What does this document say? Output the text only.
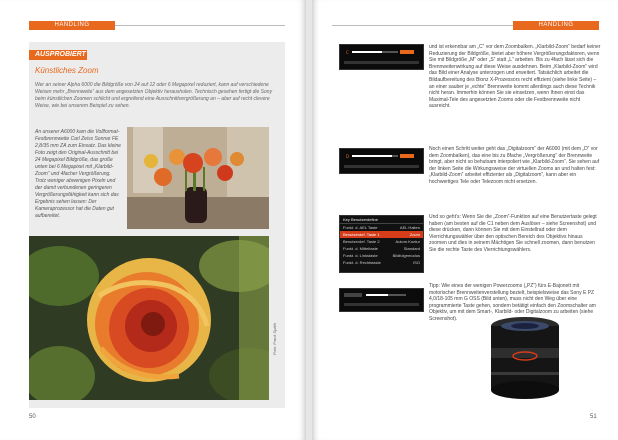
HANDLING
AUSPROBIERT
Künstliches Zoom
Wer an seiner Alpha 6000 die Bildgröße von 24 auf 12 oder 6 Megapixel reduziert, kann auf verschiedene Weisen mehr „Brennweite“ aus dem angesetzten Objektiv herausholen. Technisch gesehen fertigt die Sony beim künstlichen Zoomen schlicht und ergreifend eine Ausschnittvergrößerung an – aber auf recht clevere Weise, wie bei unserem Beispiel zu sehen.
An unserer A6000 kam die Vollformat-Festbrennweite Carl Zeiss Sonnar FE 2,8/35 mm ZA zum Einsatz. Das kleine Foto zeigt den Original-Ausschnitt bei 24 Megapixel Bildgröße, das große unten bei 6 Megapixel mit „Klarbild-Zoom“ und 4facher Vergrößerung. Trotz weniger abwenigen Pixeln und der damit verbundenen geringeren Vergrößerungsfähigkeit kann sich das Ergebnis sehen lassen: Der Kameraprozessor hat die Daten gut aufbereitet.
Foto: Frank Späth
50
HANDLING
C
D
Key Benutzerdefine
Funkt. d. AEL Taste	AEL Halten
Benutzerdef. Taste 1	Zoom
Benutzerdef. Taste 2	Autom.Kontur
Funkt. d. Mitteltaste	Standard
Funkt. d. Linkstaste	Bildfolgemodus
Funkt. d. Rechtstaste	ISO
und ist erkennbar am „C“ vor dem Zoombalken. „Klarbild-Zoom“ bedarf keiner Reduzierung der Bildgröße, bietet aber höhere Vergrößerungsfaktoren, wenn Sie mit Bildgröße „M“ oder „S“ statt „L“ arbeiten. Bis zu 4fach lässt sich die Brennweitenwirkung auf diese Weise ausdehnen. Beim „Klarbild-Zoom“ wird das Bild einer Analyse unterzogen und erweitert. Tatsächlich arbeitet die Bildaufbereitung des Bionz X-Prozessors recht effizient (siehe linke Seite) – an einer sauber je „echte“ Brennweite kommt allerdings auch diese Technik nicht heran. Immerhin können Sie sie einsetzen, wenn Ihnen einst das Maximal-Tele des angesetzten Zooms oder die Festbrennweite nicht ausreicht.
Noch einen Schritt weiter geht das „Digitalzoom“ der A6000 (mit dem „D“ vor dem Zoombalken), das eine bis zu 8fache „Vergrößerung“ der Brennweite bringt, aber nicht so behutsam interpoliert wie „Klarbild-Zoom“. Sie sehen auf der linken Seite die Wirkungsweise der virtuellen Zooms an und halten fest: „Klarbild-Zoom“ arbeitet effizienter als „Digitalzoom“, kann aber ein hochwertiges Tele oder Telezoom nicht ersetzen.
Und so geht’s: Wenn Sie die „Zoom“-Funktion auf eine Benutzertaste gelegt haben (am besten auf die C1 neben dem Auslöser – siehe Screenshot) und diese drücken, dann können Sie mit dem Einstellrad oder dem Vierrichtungswähler über den optischen Bereich des Objektivs hinaus zoomen und dies in seinem Mächtigen Sie schnell zoomen, dann benutzen Sie die rechte Taste des Vierrichtungswählers.
Tipp: Wie eines der wenigen Powerzooms („PZ“) fürs E-Bajonett mit motorischer Brennweitenverstellung bezielt, beispielsweise das Sony E PZ 4,0/18-105 mm G OSS (Bild unten), muss nicht den Weg über eine programmierte Taste gehen, sondern betätigt einfach den Zoomschalter am Objektiv, um mit dem Smart-, Klarbild- oder Digitalzoom zu arbeiten (siehe Screenshot).
51
